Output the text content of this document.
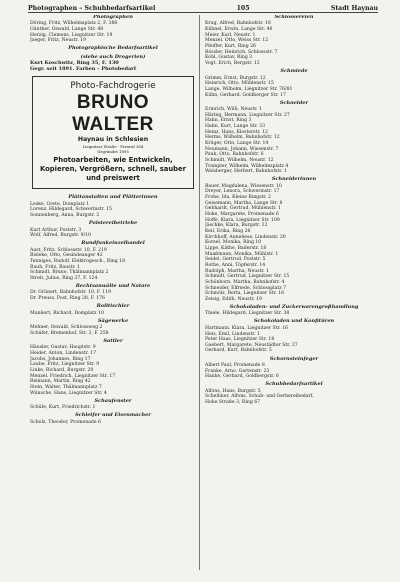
Photographen – Schuhbedarfsartikel	105	Stadt Haynau
Photographen
Döring, Fritz, Wilhelmsplatz 2, F. 386
Günther, Oswald, Lange Str. 48
Herzig, Clemens, Liegnitzer Str. 19
Jaeger, Fritz, Neustr. 19
Photographische Bedarfsartikel
(siehe auch Drogerien)
Kurt Koschwitz, Ring 35, F. 130
Gegr. seit 1891. Farben – Photobedarf
Photo-Fachdrogerie
BRUNO WALTER
Haynau in Schlesien
Liegnitzer Straße · Fernruf 264
Gegründet 1895
Photoarbeiten, wie Entwickeln, Kopieren, Vergrößern, schnell, sauber und preiswert
Plättanstalten und Plätterinnen
Leske, Grete, Domplatz 1
Lorenz, Hildegard, Schwerinstr. 15
Sonnenberg, Anna, Burgstr. 2
Polstereibetriebe
Kurt Arthur, Poststr. 3
Wolf, Alfred, Burgstr. 9/10
Rundfunkeinzelhandel
Aust, Fritz, Schlossstr. 10, F. 219
Bisleke, Otto, Gesindeanger 42
Tenniges, Rudolf, Elektrogesch., Ring 18
Rauh, Fritz, Baustr. 1
Schmidt, Bruno, Thälmannplatz 2
Streit, Julius, Ring 37, F. 124
Rechtsanwälte und Notare
Dr. Grünert, Bahnhofstr. 10, F. 119
Dr. Preuss, Post, Ring 28, F. 176
Rolltischler
Munkert, Richard, Domplatz 10
Sägewerke
Mehner, Oswald, Schlossweg 2
Schäfer, Bremenhof, Str. 3, F. 258
Sattler
Häusler, Gustav, Hauptstr. 9
Heider, Anton, Lindenstr. 17
Jacobs, Johannes, Ring 17
Laube, Fritz, Liegnitzer Str. 9
Linke, Richard, Burgstr. 20
Menzel, Friedrich, Liegnitzer Str. 17
Reimann, Martin, Ring 42
Stein, Walter, Thälmannplatz 7
Wünsche, Hans, Liegnitzer Str. 4
Schaufenster
Schüle, Kurt, Friedrichstr. 1
Schleifer und Eisenmacher
Scholz, Theodor, Promenade 6
Schlossereien
Krug, Alfred, Bahnhofstr. 18
Kühnel, Erwin, Lange Str. 40
Meier, Karl, Neustr. 1
Menzel, Otto, Weiss Str. 12
Pfeiffer, Kurt, Ring 26
Rössler, Heinrich, Schlossstr. 7
Kohl, Gustav, Ring 3
Vogt, Erich, Bergstr. 12
Schmiede
Grimm, Ernst, Burgstr. 12
Heinrich, Otto, Mühlenstr. 15
Lange, Wilhelm, Liegnitzer Str. 76/81
Kühn, Gerhard, Goldberger Str. 17
Schneider
Ermrich, Willi, Neustr. 1
Häring, Hermann, Liegnitzer Str. 27
Hahn, Ernst, Ring 3
Hahn, Kurt, Lange Str. 33
Heinz, Hans, Klosterstr. 12
Herms, Wilhelm, Bahnhofstr. 12
Krüger, Otto, Lange Str. 14
Neumann, Johann, Wiesenstr. 7
Pauk, Otto, Bahnhofstr. 6
Schmidt, Wilhelm, Neustr. 12
Trampler, Wilhelm, Wilhelmsplatz 4
Weisberger, Herbert, Bahnhofstr. 1
Schneiderinnen
Bauer, Magdalena, Wiesenstr. 10
Dreyer, Lenora, Schwerinstr. 17
Frohe, Ida, Kleine Ringstr. 2
Geisemann, Martha, Lange Str. 8
Gebhardt, Gertrud, Mühlenstr. 1
Hoke, Margarete, Promenade 6
Hoffe, Klara, Liegnitzer Str. 109
Jäschke, Klara, Burgstr. 12
Keil, Erika, Ring 26
Kirchhoff, Anneliese, Lindenstr. 20
Korsel, Monika, Ring 10
Lippe, Käthe, Baderstr. 18
Maaßmann, Monika, Mühlstr. 1
Seidel, Gertrud, Poststr. 5
Rothe, Anni, Töpferstr. 14
Rudolph, Martha, Neustr. 1
Schmidt, Gertrud, Liegnitzer Str. 15
Schönborn, Martha, Bahnhofstr. 4
Schneider, Elfriede, Schlossplatz 7
Schmölz, Berta, Liegnitzer Str. 16
Zeisig, Edith, Neustr. 19
Schokoladen- und Zuckerwarengroßhandlung
Thiele, Hildegard, Liegnitzer Str. 38
Schokoladen und Konfitüren
Hartmann, Klara, Liegnitzer Str. 16
Heis, Emil, Lindenstr. 1
Peter Haas, Liegnitzer Str. 18
Gaebert, Margarete, Neustädter Str. 27
Gerhard, Kurt, Bahnhofstr. 5
Schornsteinfeger
Albert Paul, Promenade 8
Franke, Arno, Gartenstr. 23
Hanke, Gerhard, Goldbergstr. 6
Schuhbedarfsartikel
Alfons, Hans, Burgstr. 5
Scheibner, Alfons, Schuh- und Gerbereibedarf,
Hohe Straße 3, Ring 67
